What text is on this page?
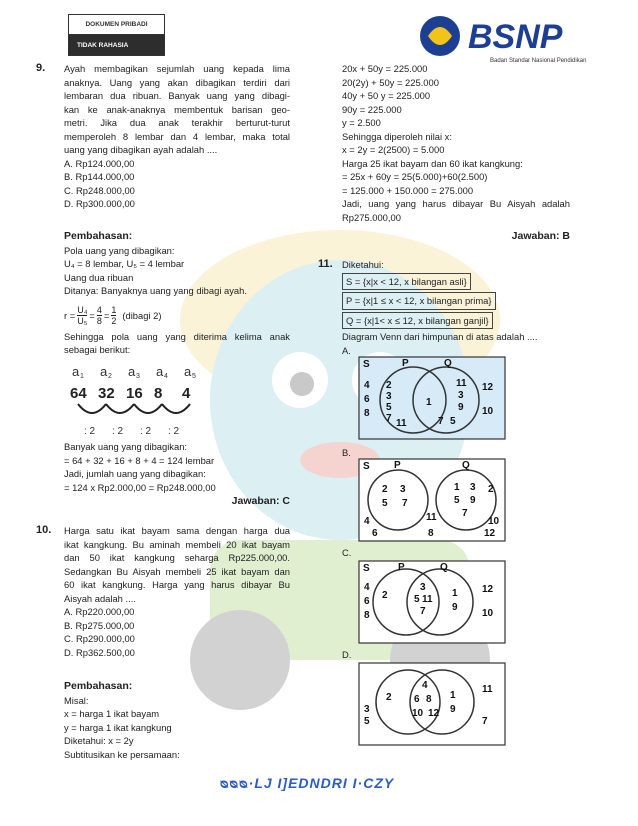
DOKUMEN PRIBADI
TIDAK RAHASIA	BSNP
Badan Standar Nasional Pendidikan
9. Ayah membagikan sejumlah uang kepada lima
anaknya. Uang yang akan dibagikan terdiri dari
lembaran dua ribuan. Banyak uang yang dibagi-
kan ke anak-anaknya membentuk barisan geo-
metri. Jika dua anak terakhir berturut-turut
memperoleh 8 lembar dan 4 lembar, maka total
uang yang dibagikan ayah adalah ....
A. Rp124.000,00
B. Rp144.000,00
C. Rp248.000,00
D. Rp300.000,00
Pembahasan:
Pola uang yang dibagikan:
U₄ = 8 lembar, U₅ = 4 lembar
Uang dua ribuan
Ditanya: Banyaknya uang yang dibagi ayah.
$r = \frac{\text{U₄}}{\text{U₅}} = \frac{4}{8} = \frac{1}{2}$ (dibagi 2)
Sehingga pola uang yang diterima kelima anak
sebagai berikut:
a 1
64
a 2
32
a 3
16
a 4
8
a 5
4
: 2 : 2 : 2 : 2
Banyak uang yang dibagikan:
= 64 + 32 + 16 + 8 + 4 = 124 lembar
Jadi, jumlah uang yang dibagikan:
= 124 x Rp2.000,00 = Rp248.000,00
Jawaban: C
10. Harga satu ikat bayam sama dengan harga dua
ikat kangkung. Bu aminah membeli 20 ikat bayam
dan 50 ikat kangkung seharga Rp225.000,00.
Sedangkan Bu Aisyah membeli 25 ikat bayam dan
60 ikat kangkung. Harga yang harus dibayar Bu
Aisyah adalah ....
A. Rp220.000,00
B. Rp275.000,00
C. Rp290.000,00
D. Rp362.500,00
Pembahasan:
Misal:
x = harga 1 ikat bayam
y = harga 1 ikat kangkung
Diketahui: x = 2y
Subtitusikan ke persamaan:
20x + 50y = 225.000
20(2y) + 50y = 225.000
40y + 50 y = 225.000
90y = 225.000
y = 2.500
Sehingga diperoleh nilai x:
x = 2y = 2(2500) = 5.000
Harga 25 ikat bayam dan 60 ikat kangkung:
= 25x + 60y = 25(5.000)+60(2.500)
= 125.000 + 150.000 = 275.000
Jadi, uang yang harus dibayar Bu Aisyah adalah
Rp275.000,00
Jawaban: B
11. Diketahui:
S = {x|x < 12, x bilangan asli}
P = {x|1 ≤ x < 12, x bilangan prima}
Q = {x|1< x ≤ 12, x bilangan ganjil}
Diagram Venn dari himpunan di atas adalah ....
A.
B.
C.
D.
S	P	Q
4
6
8
2
3
5
7 11
1
11
3
9
7 5
12
10
S P	Q
2 3
5 7
11
1 3
5 9
7
4
6	8
10
12
2
S	P	Q
4
6
8
2
3
5
7
11
1
9
12
10
2
4
6 8
10 12
1
9
3
5	7
11
ᴓᴓᴓ·LJ I]EDNDRI I·CZY
